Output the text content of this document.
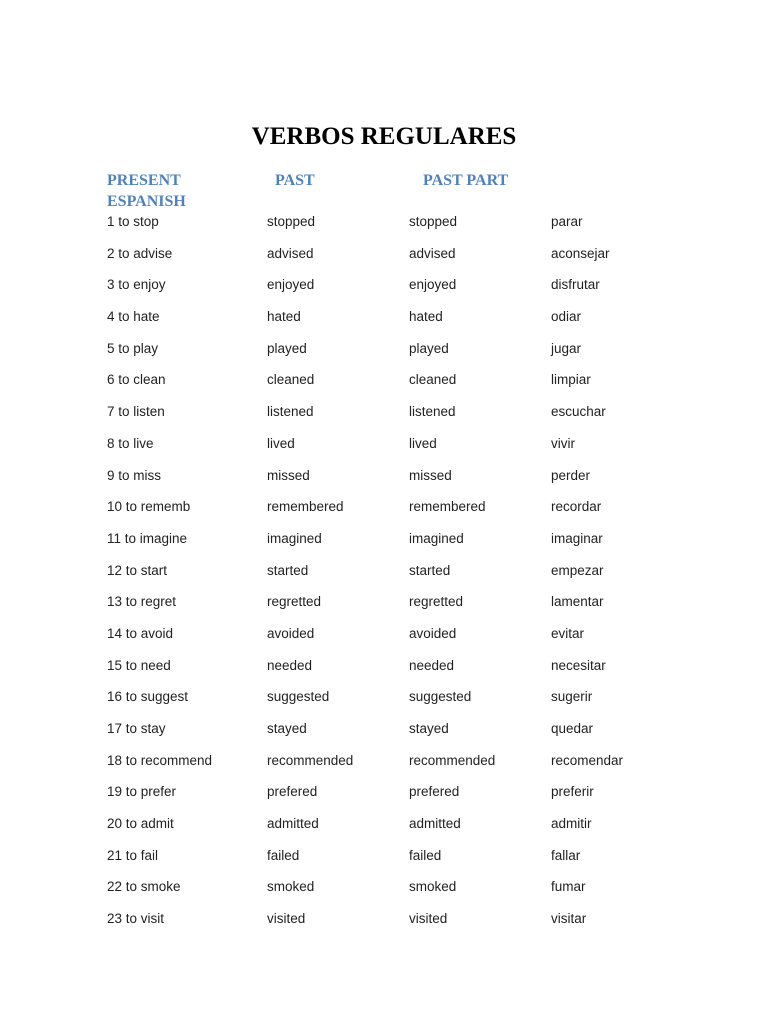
VERBOS REGULARES
PRESENT
ESPANISH
PAST	PAST PART
1 to stop	stopped	stopped	parar
2 to advise	advised	advised	aconsejar
3 to enjoy	enjoyed	enjoyed	disfrutar
4 to hate	hated	hated	odiar
5 to play	played	played	jugar
6 to clean	cleaned	cleaned	limpiar
7 to listen	listened	listened	escuchar
8 to live	lived	lived	vivir
9 to miss	missed	missed	perder
10 to rememb	remembered	remembered	recordar
11 to imagine	imagined	imagined	imaginar
12 to start	started	started	empezar
13 to regret	regretted	regretted	lamentar
14 to avoid	avoided	avoided	evitar
15 to need	needed	needed	necesitar
16 to suggest	suggested	suggested	sugerir
17 to stay	stayed	stayed	quedar
18 to recommend	recommended	recommended	recomendar
19 to prefer	prefered	prefered	preferir
20 to admit	admitted	admitted	admitir
21 to fail	failed	failed	fallar
22 to smoke	smoked	smoked	fumar
23 to visit	visited	visited	visitar
